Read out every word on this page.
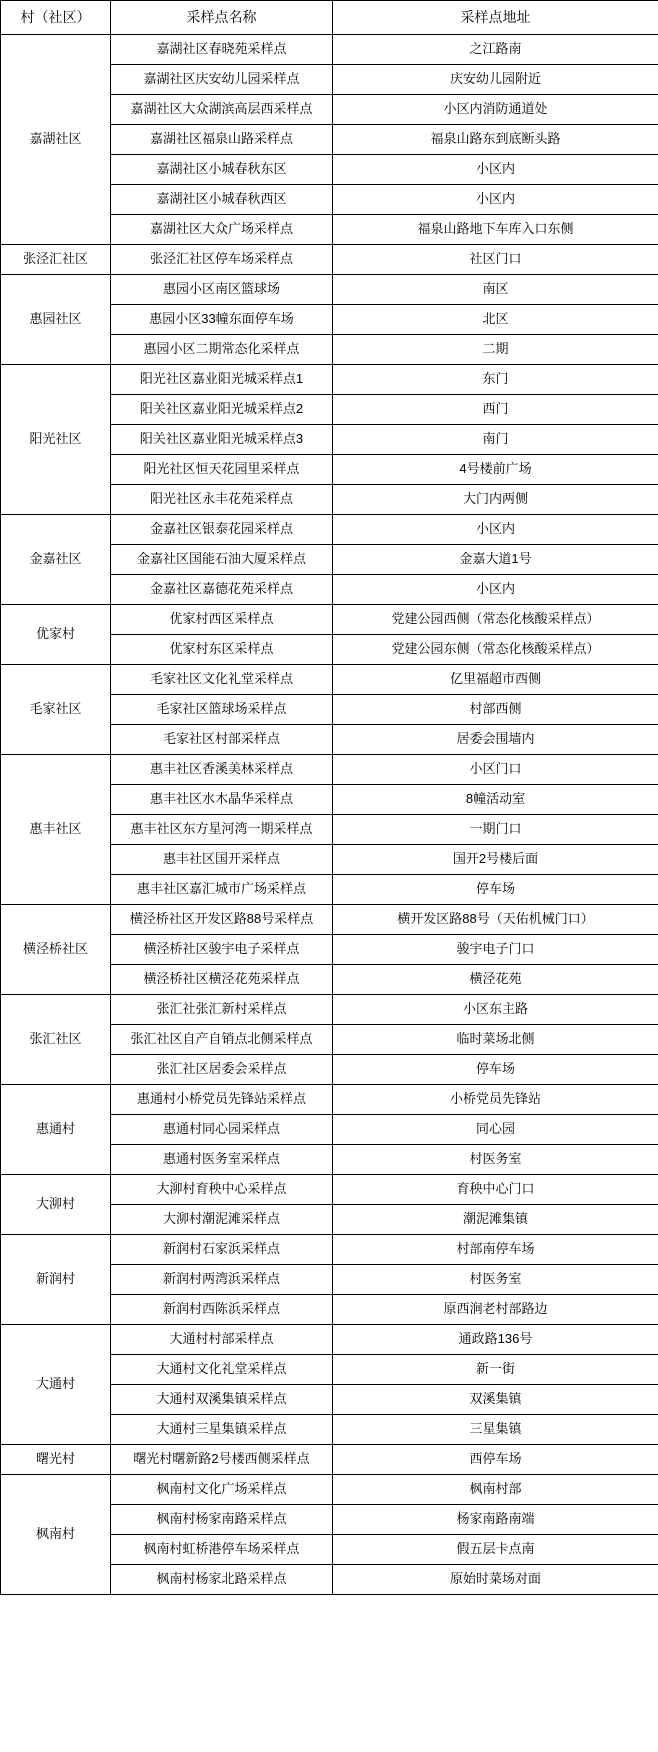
村（社区）	采样点名称	采样点地址
嘉湖社区	嘉湖社区春晓苑采样点	之江路南
	嘉湖社区庆安幼儿园采样点	庆安幼儿园附近
	嘉湖社区大众湖滨高层西采样点	小区内消防通道处
	嘉湖社区福泉山路采样点	福泉山路东到底断头路
	嘉湖社区小城春秋东区	小区内
	嘉湖社区小城春秋西区	小区内
	嘉湖社区大众广场采样点	福泉山路地下车库入口东侧
张泾汇社区	张泾汇社区停车场采样点	社区门口
惠园社区	惠园小区南区篮球场	南区
	惠园小区33幢东面停车场	北区
	惠园小区二期常态化采样点	二期
阳光社区	阳光社区嘉业阳光城采样点1	东门
	阳关社区嘉业阳光城采样点2	西门
	阳关社区嘉业阳光城采样点3	南门
	阳光社区恒天花园里采样点	4号楼前广场
	阳光社区永丰花苑采样点	大门内两侧
金嘉社区	金嘉社区银泰花园采样点	小区内
	金嘉社区国能石油大厦采样点	金嘉大道1号
	金嘉社区嘉德花苑采样点	小区内
优家村	优家村西区采样点	党建公园西侧（常态化核酸采样点）
	优家村东区采样点	党建公园东侧（常态化核酸采样点）
毛家社区	毛家社区文化礼堂采样点	亿里福超市西侧
	毛家社区篮球场采样点	村部西侧
	毛家社区村部采样点	居委会围墙内
惠丰社区	惠丰社区香溪美林采样点	小区门口
	惠丰社区水木晶华采样点	8幢活动室
	惠丰社区东方星河湾一期采样点	一期门口
	惠丰社区国开采样点	国开2号楼后面
	惠丰社区嘉汇城市广场采样点	停车场
横泾桥社区	横泾桥社区开发区路88号采样点	横开发区路88号（天佑机械门口）
	横泾桥社区骏宇电子采样点	骏宇电子门口
	横泾桥社区横泾花苑采样点	横泾花苑
张汇社区	张汇社张汇新村采样点	小区东主路
	张汇社区自产自销点北侧采样点	临时菜场北侧
	张汇社区居委会采样点	停车场
惠通村	惠通村小桥党员先锋站采样点	小桥党员先锋站
	惠通村同心园采样点	同心园
	惠通村医务室采样点	村医务室
大泖村	大泖村育秧中心采样点	育秧中心门口
	大泖村潮泥滩采样点	潮泥滩集镇
新润村	新润村石家浜采样点	村部南停车场
	新润村两湾浜采样点	村医务室
	新润村西陈浜采样点	原西涧老村部路边
大通村	大通村村部采样点	通政路136号
	大通村文化礼堂采样点	新一街
	大通村双溪集镇采样点	双溪集镇
	大通村三星集镇采样点	三星集镇
曙光村	曙光村曙新路2号楼西侧采样点	西停车场
枫南村	枫南村文化广场采样点	枫南村部
	枫南村杨家南路采样点	杨家南路南端
	枫南村虹桥港停车场采样点	假五层卡点南
	枫南村杨家北路采样点	原始时菜场对面
